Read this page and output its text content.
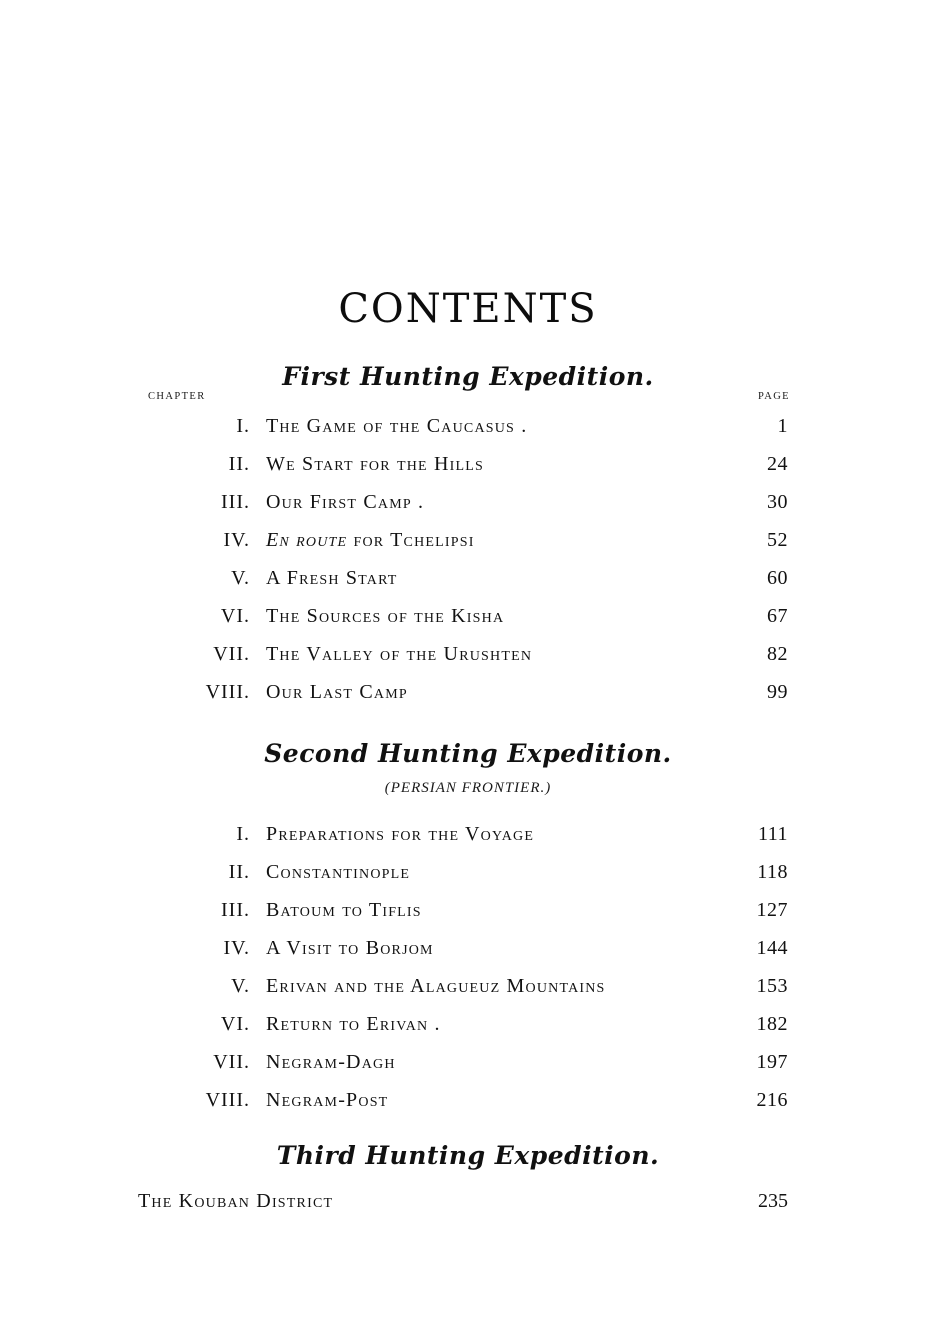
CONTENTS
First Hunting Expedition.
CHAPTER	PAGE
I. The Game of the Caucasus .	1
II. We Start for the Hills	24
III. Our First Camp .	30
IV. En route for Tchelipsi	52
V. A Fresh Start	60
VI. The Sources of the Kisha	67
VII. The Valley of the Urushten	82
VIII. Our Last Camp	99
Second Hunting Expedition.
(PERSIAN FRONTIER.)
I. Preparations for the Voyage	111
II. Constantinople	118
III. Batoum to Tiflis	127
IV. A Visit to Borjom	144
V. Erivan and the Alagueuz Mountains	153
VI. Return to Erivan .	182
VII. Negram-Dagh	197
VIII. Negram-Post	216
Third Hunting Expedition.
The Kouban District	235
